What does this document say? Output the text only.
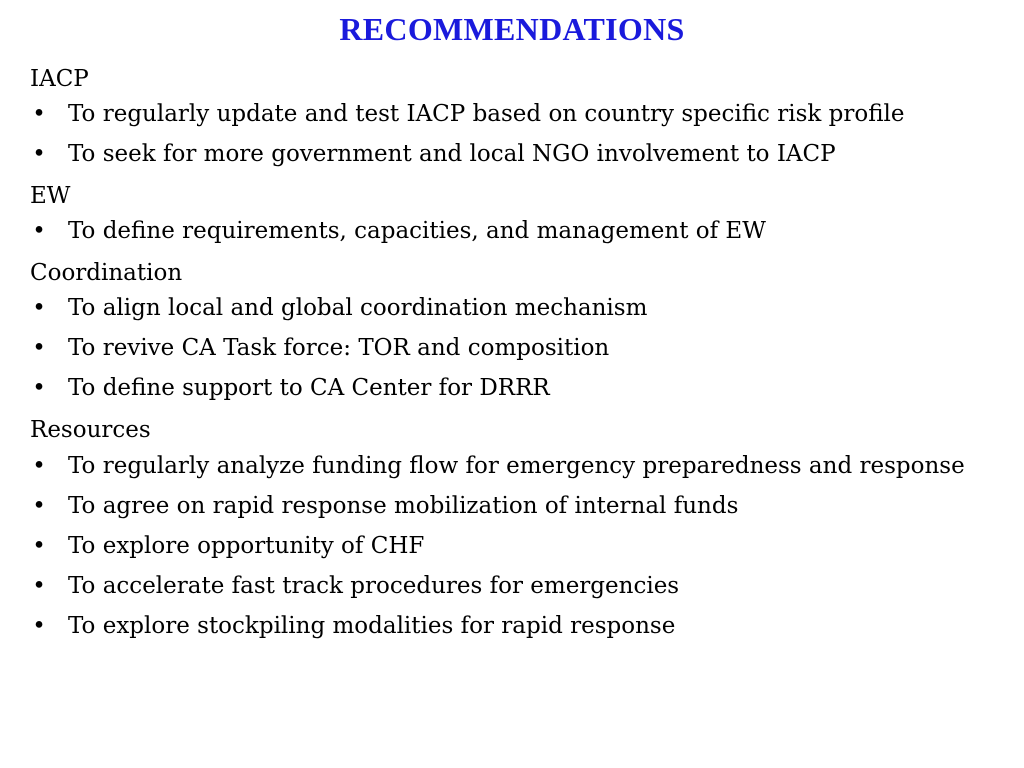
RECOMMENDATIONS
IACP
• To regularly update and test IACP based on country specific risk profile
• To seek for more government and local NGO involvement to IACP
EW
• To define requirements, capacities, and management of EW
Coordination
• To align local and global coordination mechanism
• To revive CA Task force: TOR and composition
• To define support to CA Center for DRRR
Resources
• To regularly analyze funding flow for emergency preparedness and response
• To agree on rapid response mobilization of internal funds
• To explore opportunity of CHF
• To accelerate fast track procedures for emergencies
• To explore stockpiling modalities for rapid response
